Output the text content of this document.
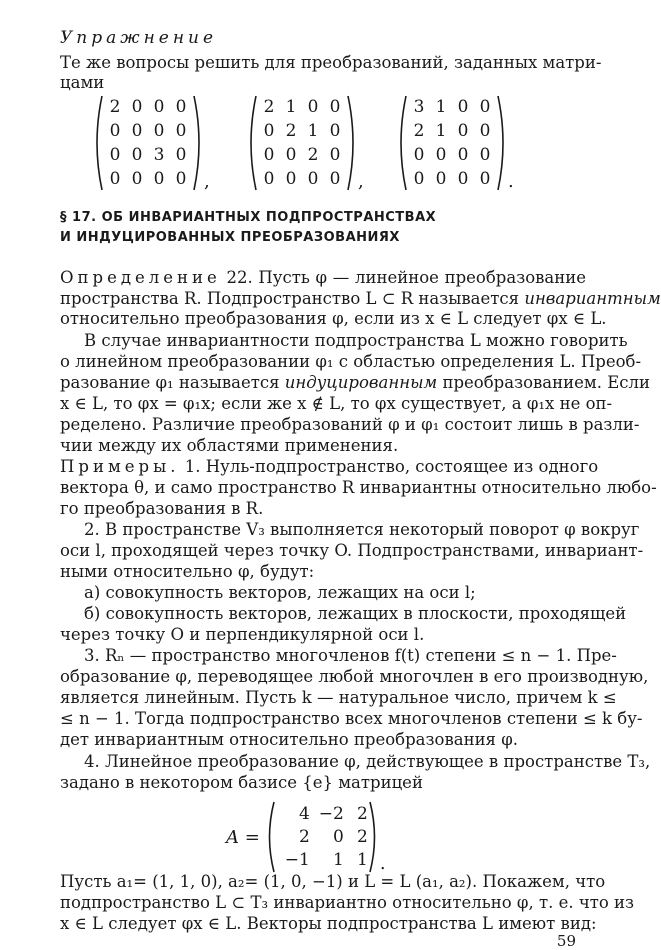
Упражнение
Те же вопросы решить для преобразований, заданных матри-
цами
2 0 0 0
0 0 0 0
0 0 3 0
0 0 0 0 ,
2 1 0 0
0 2 1 0
0 0 2 0
0 0 0 0 ,
3 1 0 0
2 1 0 0
0 0 0 0
0 0 0 0 .
§ 17. ОБ ИНВАРИАНТНЫХ ПОДПРОСТРАНСТВАХ
И ИНДУЦИРОВАННЫХ ПРЕОБРАЗОВАНИЯХ
Определение 22. Пусть φ — линейное преобразование
пространства R. Подпространство L ⊂ R называется инвариантным
относительно преобразования φ, если из x ∈ L следует φx ∈ L.
В случае инвариантности подпространства L можно говорить
о линейном преобразовании φ₁ с областью определения L. Преоб-
разование φ₁ называется индуцированным преобразованием. Если
x ∈ L, то φx = φ₁x; если же x ∉ L, то φx существует, а φ₁x не оп-
ределено. Различие преобразований φ и φ₁ состоит лишь в разли-
чии между их областями применения.
Примеры. 1. Нуль-подпространство, состоящее из одного
вектора θ, и само пространство R инвариантны относительно любо-
го преобразования в R.
2. В пространстве V₃ выполняется некоторый поворот φ вокруг
оси l, проходящей через точку O. Подпространствами, инвариант-
ными относительно φ, будут:
а) совокупность векторов, лежащих на оси l;
б) совокупность векторов, лежащих в плоскости, проходящей
через точку O и перпендикулярной оси l.
3. Rₙ — пространство многочленов f(t) степени ≤ n − 1. Пре-
образование φ, переводящее любой многочлен в его производную,
является линейным. Пусть k — натуральное число, причем k ≤
≤ n − 1. Тогда подпространство всех многочленов степени ≤ k бу-
дет инвариантным относительно преобразования φ.
4. Линейное преобразование φ, действующее в пространстве T₃,
задано в некотором базисе {e} матрицей
A =
4 −2 2
2	0 2
−1	1 1 .
Пусть a₁= (1, 1, 0), a₂= (1, 0, −1) и L = L (a₁, a₂). Покажем, что
подпространство L ⊂ T₃ инвариантно относительно φ, т. е. что из
x ∈ L следует φx ∈ L. Векторы подпространства L имеют вид:
59
